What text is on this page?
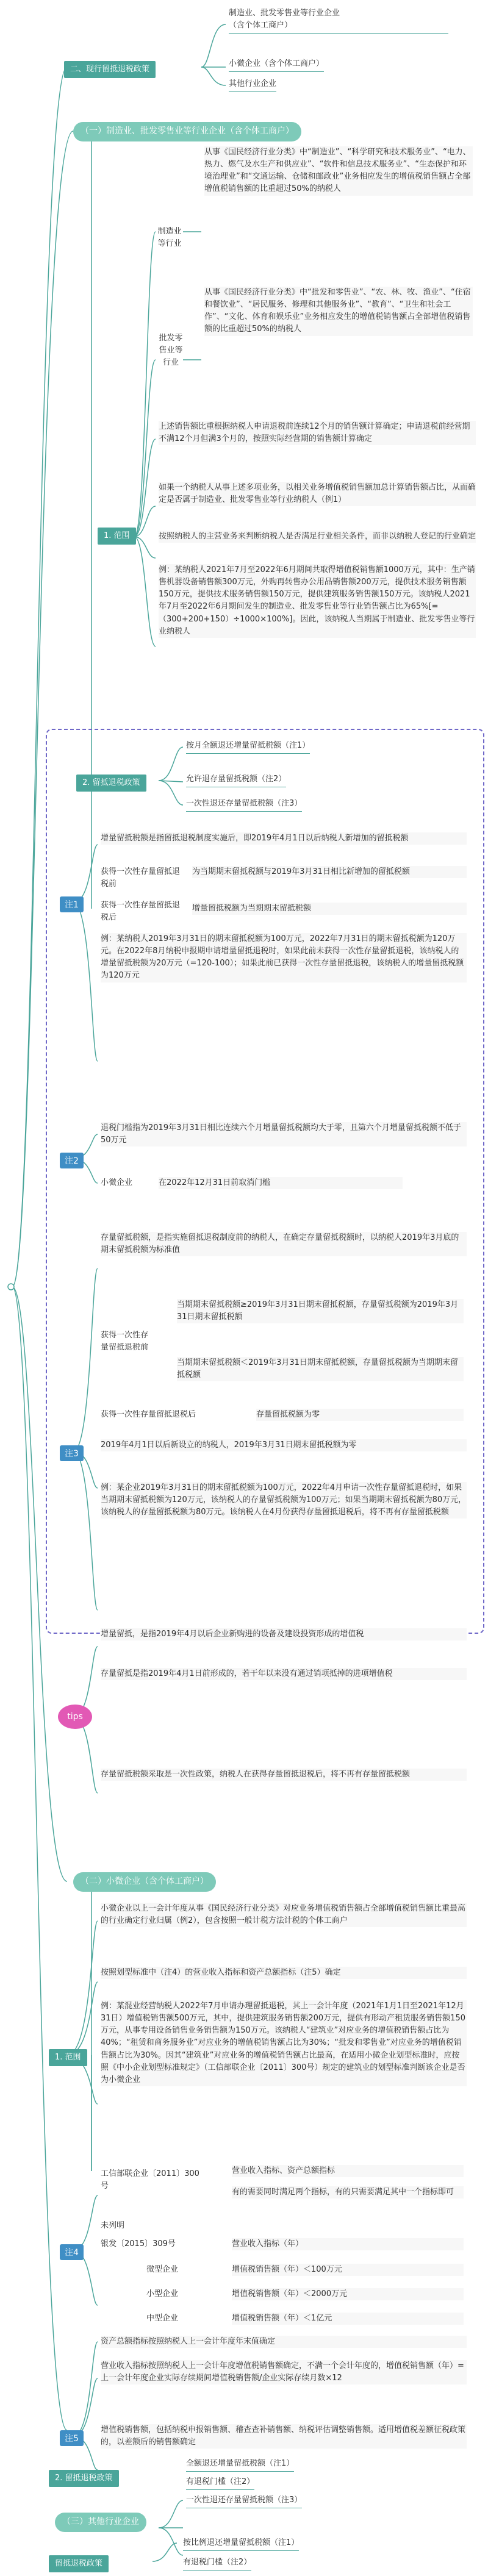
二、现行留抵退税政策
制造业、批发零售业等行业企业
（含个体工商户）
小微企业（含个体工商户）
其他行业企业
（一）制造业、批发零售业等行业企业（含个体工商户）
制造业
等行业
从事《国民经济行业分类》中“制造业”、“科学研究和技术服务业”、“电力、热力、燃气及水生产和供应业”、“软件和信息技术服务业”、“生态保护和环境治理业”和“交通运输、仓储和邮政业”业务相应发生的增值税销售额占全部增值税销售额的比重超过50%的纳税人
批发零
售业等
行业
从事《国民经济行业分类》中“批发和零售业”、“农、林、牧、渔业”、“住宿和餐饮业”、“居民服务、修理和其他服务业”、“教育”、“卫生和社会工作”、“文化、体育和娱乐业”业务相应发生的增值税销售额占全部增值税销售额的比重超过50%的纳税人
上述销售额比重根据纳税人申请退税前连续12个月的销售额计算确定；申请退税前经营期不满12个月但满3个月的，按照实际经营期的销售额计算确定
如果一个纳税人从事上述多项业务，以相关业务增值税销售额加总计算销售额占比，从而确定是否属于制造业、批发零售业等行业纳税人（例1）
按照纳税人的主营业务来判断纳税人是否满足行业相关条件，而非以纳税人登记的行业确定
例：某纳税人2021年7月至2022年6月期间共取得增值税销售额1000万元，其中：生产销售机器设备销售额300万元，外购再转售办公用品销售额200万元，提供技术服务销售额150万元，提供技术服务销售额150万元，提供建筑服务销售额150万元。该纳税人2021年7月至2022年6月期间发生的制造业、批发零售业等行业销售额占比为65%[=（300+200+150）÷1000×100%]。因此，该纳税人当期属于制造业、批发零售业等行业纳税人
1. 范围
2. 留抵退税政策
按月全额退还增量留抵税额（注1）
允许退存量留抵税额（注2）
一次性退还存量留抵税额（注3）
注1
增量留抵税额是指留抵退税制度实施后，即2019年4月1日以后纳税人新增加的留抵税额
获得一次性存量留抵退税前
为当期期末留抵税额与2019年3月31日相比新增加的留抵税额
获得一次性存量留抵退税后
增量留抵税额为当期期末留抵税额
例：某纳税人2019年3月31日的期末留抵税额为100万元，2022年7月31日的期末留抵税额为120万元。在2022年8月纳税申报期申请增量留抵退税时，如果此前未获得一次性存量留抵退税，该纳税人的增量留抵税额为20万元（=120-100）；如果此前已获得一次性存量留抵退税，该纳税人的增量留抵税额为120万元
注2
退税门槛指为2019年3月31日相比连续六个月增量留抵税额均大于零，且第六个月增量留抵税额不低于50万元
小微企业	在2022年12月31日前取消门槛
注3
存量留抵税额，是指实施留抵退税制度前的纳税人，在确定存量留抵税额时，以纳税人2019年3月底的期末留抵税额为标准值
获得一次性存量留抵退税前
当期期末留抵税额≥2019年3月31日期末留抵税额，存量留抵税额为2019年3月31日期末留抵税额
当期期末留抵税额＜2019年3月31日期末留抵税额，存量留抵税额为当期期末留抵税额
获得一次性存量留抵退税后	存量留抵税额为零
2019年4月1日以后新设立的纳税人，2019年3月31日期末留抵税额为零
例：某企业2019年3月31日的期末留抵税额为100万元，2022年4月申请一次性存量留抵退税时，如果当期期末留抵税额为120万元，该纳税人的存量留抵税额为100万元；如果当期期末留抵税额为80万元，该纳税人的存量留抵税额为80万元。该纳税人在4月份获得存量留抵退税后，将不再有存量留抵税额
tips
增量留抵，是指2019年4月以后企业新购进的设备及建设投资形成的增值税
存量留抵是指2019年4月1日前形成的，若干年以来没有通过销项抵掉的进项增值税
存量留抵税额采取是一次性政策，纳税人在获得存量留抵退税后，将不再有存量留抵税额
（二）小微企业（含个体工商户）
1. 范围
小微企业以上一会计年度从事《国民经济行业分类》对应业务增值税销售额占全部增值税销售额比重最高的行业确定行业归属（例2），包含按照一般计税方法计税的个体工商户
按照划型标准中（注4）的营业收入指标和资产总额指标（注5）确定
例：某混业经营纳税人2022年7月申请办理留抵退税，其上一会计年度（2021年1月1日至2021年12月31日）增值税销售额500万元，其中，提供建筑服务销售额200万元，提供有形动产租赁服务销售额150万元，从事专用设备销售业务销售额为150万元。该纳税人“建筑业”对应业务的增值税销售额占比为40%；“租赁和商务服务业”对应业务的增值税销售额占比为30%；“批发和零售业”对应业务的增值税销售额占比为30%。因其“建筑业”对应业务的增值税销售额占比最高，在适用小微企业划型标准时，应按照《中小企业划型标准规定》（工信部联企业〔2011〕300号）规定的建筑业的划型标准判断该企业是否为小微企业
注4
工信部联企业〔2011〕300号
营业收入指标、资产总额指标
有的需要同时满足两个指标，有的只需要满足其中一个指标即可
未列明
银发〔2015〕309号	营业收入指标（年）
微型企业	增值税销售额（年）＜100万元
小型企业	增值税销售额（年）＜2000万元
中型企业	增值税销售额（年）＜1亿元
注5
资产总额指标按照纳税人上一会计年度年末值确定
营业收入指标按照纳税人上一会计年度增值税销售额确定，不满一个会计年度的，增值税销售额（年）=上一会计年度企业实际存续期间增值税销售额/企业实际存续月数×12
增值税销售额，包括纳税申报销售额、稽查查补销售额、纳税评估调整销售额。适用增值税差额征税政策的，以差额后的销售额确定
2. 留抵退税政策
全额退还增量留抵税额（注1）
有退税门槛（注2）
一次性退还存量留抵税额（注3）
（三）其他行业企业
留抵退税政策
按比例退还增量留抵税额（注1）
有退税门槛（注2）
